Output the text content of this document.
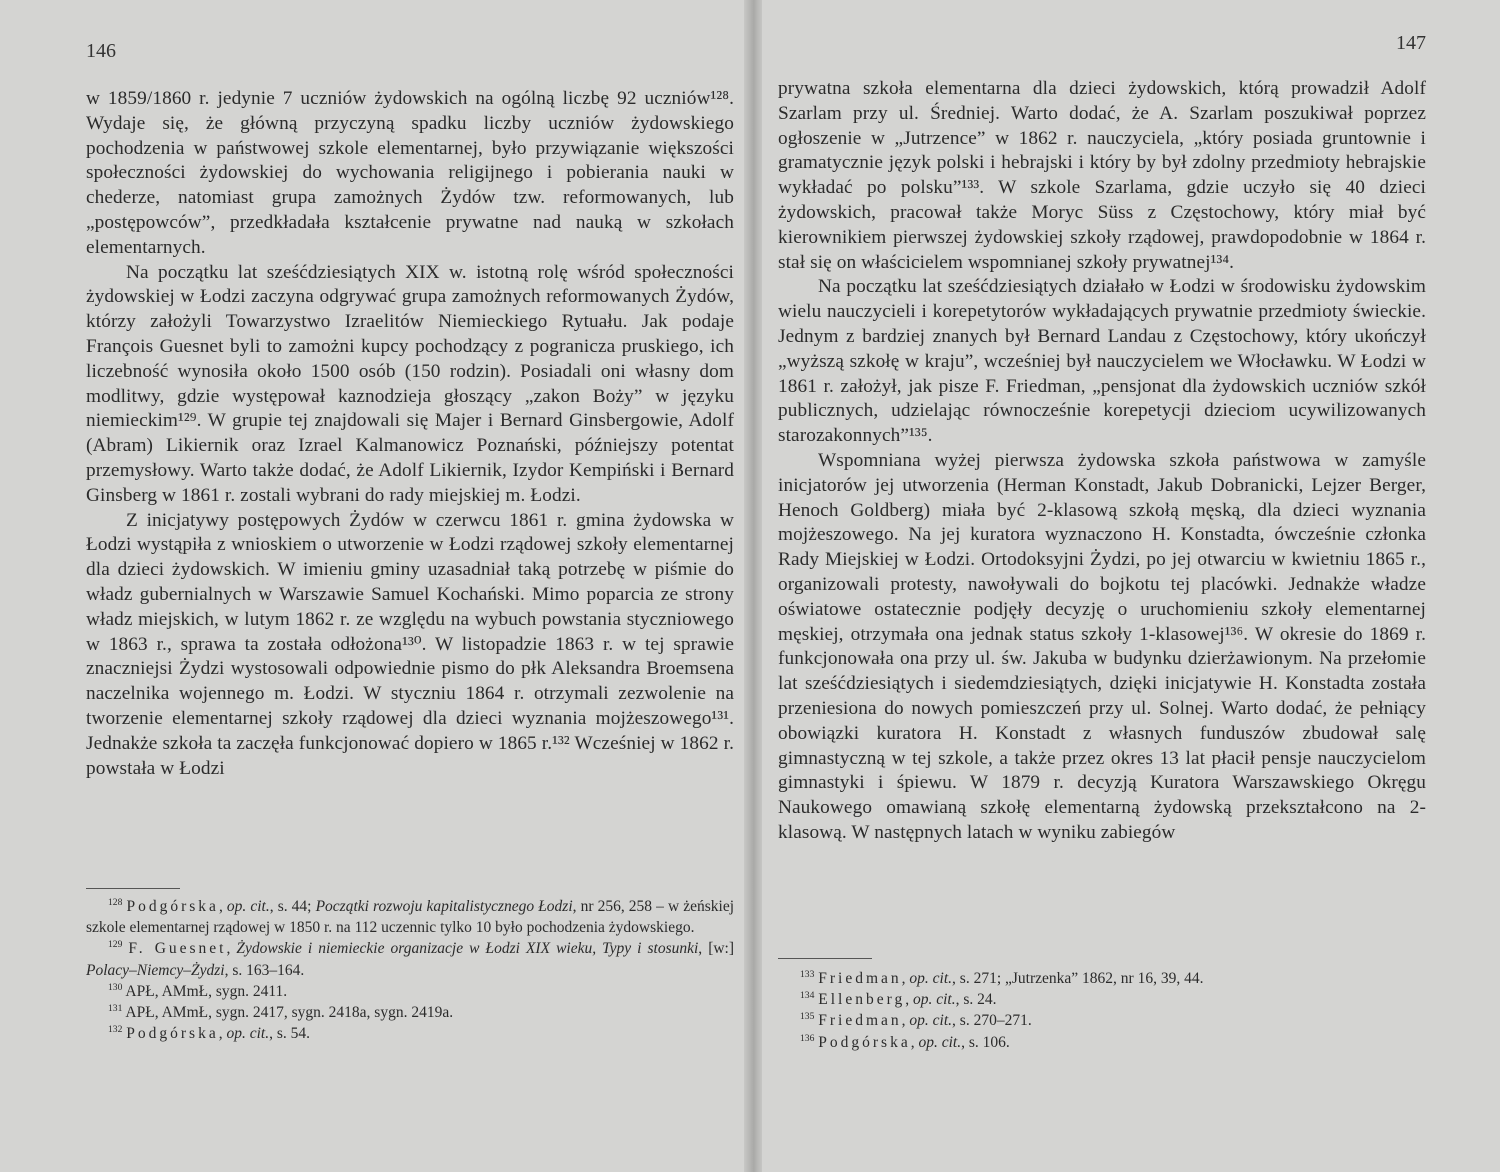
146

w 1859/1860 r. jedynie 7 uczniów żydowskich na ogólną liczbę 92 uczniów¹²⁸. Wydaje się, że główną przyczyną spadku liczby uczniów żydowskiego pochodzenia w państwowej szkole elementarnej, było przywiązanie większości społeczności żydowskiej do wychowania religijnego i pobierania nauki w chederze, natomiast grupa zamożnych Żydów tzw. reformowanych, lub „postępowców”, przedkładała kształcenie prywatne nad nauką w szkołach elementarnych.

Na początku lat sześćdziesiątych XIX w. istotną rolę wśród społeczności żydowskiej w Łodzi zaczyna odgrywać grupa zamożnych reformowanych Żydów, którzy założyli Towarzystwo Izraelitów Niemieckiego Rytuału. Jak podaje François Guesnet byli to zamożni kupcy pochodzący z pogranicza pruskiego, ich liczebność wynosiła około 1500 osób (150 rodzin). Posiadali oni własny dom modlitwy, gdzie występował kaznodzieja głoszący „zakon Boży” w języku niemieckim¹²⁹. W grupie tej znajdowali się Majer i Bernard Ginsbergowie, Adolf (Abram) Likiernik oraz Izrael Kalmanowicz Poznański, późniejszy potentat przemysłowy. Warto także dodać, że Adolf Likiernik, Izydor Kempiński i Bernard Ginsberg w 1861 r. zostali wybrani do rady miejskiej m. Łodzi.

Z inicjatywy postępowych Żydów w czerwcu 1861 r. gmina żydowska w Łodzi wystąpiła z wnioskiem o utworzenie w Łodzi rządowej szkoły elementarnej dla dzieci żydowskich. W imieniu gminy uzasadniał taką potrzebę w piśmie do władz gubernialnych w Warszawie Samuel Kochański. Mimo poparcia ze strony władz miejskich, w lutym 1862 r. ze względu na wybuch powstania styczniowego w 1863 r., sprawa ta została odłożona¹³⁰. W listopadzie 1863 r. w tej sprawie znaczniejsi Żydzi wystosowali odpowiednie pismo do płk Aleksandra Broemsena naczelnika wojennego m. Łodzi. W styczniu 1864 r. otrzymali zezwolenie na tworzenie elementarnej szkoły rządowej dla dzieci wyznania mojżeszowego¹³¹. Jednakże szkoła ta zaczęła funkcjonować dopiero w 1865 r.¹³² Wcześniej w 1862 r. powstała w Łodzi

$^{128}$ Podgórska, op. cit., s. 44; Początki rozwoju kapitalistycznego Łodzi, nr 256, 258 – w żeńskiej szkole elementarnej rządowej w 1850 r. na 112 uczennic tylko 10 było pochodzenia żydowskiego.

$^{129}$ F. Guesnet, Żydowskie i niemieckie organizacje w Łodzi XIX wieku, Typy i stosunki, [w:] Polacy–Niemcy–Żydzi, s. 163–164.

$^{130}$ APŁ, AMmŁ, sygn. 2411.

$^{131}$ APŁ, AMmŁ, sygn. 2417, sygn. 2418a, sygn. 2419a.

$^{132}$ Podgórska, op. cit., s. 54.

147

prywatna szkoła elementarna dla dzieci żydowskich, którą prowadził Adolf Szarlam przy ul. Średniej. Warto dodać, że A. Szarlam poszukiwał poprzez ogłoszenie w „Jutrzence” w 1862 r. nauczyciela, „który posiada gruntownie i gramatycznie język polski i hebrajski i który by był zdolny przedmioty hebrajskie wykładać po polsku”¹³³. W szkole Szarlama, gdzie uczyło się 40 dzieci żydowskich, pracował także Moryc Süss z Częstochowy, który miał być kierownikiem pierwszej żydowskiej szkoły rządowej, prawdopodobnie w 1864 r. stał się on właścicielem wspomnianej szkoły prywatnej¹³⁴.

Na początku lat sześćdziesiątych działało w Łodzi w środowisku żydowskim wielu nauczycieli i korepetytorów wykładających prywatnie przedmioty świeckie. Jednym z bardziej znanych był Bernard Landau z Częstochowy, który ukończył „wyższą szkołę w kraju”, wcześniej był nauczycielem we Włocławku. W Łodzi w 1861 r. założył, jak pisze F. Friedman, „pensjonat dla żydowskich uczniów szkół publicznych, udzielając równocześnie korepetycji dzieciom ucywilizowanych starozakonnych”¹³⁵.

Wspomniana wyżej pierwsza żydowska szkoła państwowa w zamyśle inicjatorów jej utworzenia (Herman Konstadt, Jakub Dobranicki, Lejzer Berger, Henoch Goldberg) miała być 2-klasową szkołą męską, dla dzieci wyznania mojżeszowego. Na jej kuratora wyznaczono H. Konstadta, ówcześnie członka Rady Miejskiej w Łodzi. Ortodoksyjni Żydzi, po jej otwarciu w kwietniu 1865 r., organizowali protesty, nawoływali do bojkotu tej placówki. Jednakże władze oświatowe ostatecznie podjęły decyzję o uruchomieniu szkoły elementarnej męskiej, otrzymała ona jednak status szkoły 1-klasowej¹³⁶. W okresie do 1869 r. funkcjonowała ona przy ul. św. Jakuba w budynku dzierżawionym. Na przełomie lat sześćdziesiątych i siedemdziesiątych, dzięki inicjatywie H. Konstadta została przeniesiona do nowych pomieszczeń przy ul. Solnej. Warto dodać, że pełniący obowiązki kuratora H. Konstadt z własnych funduszów zbudował salę gimnastyczną w tej szkole, a także przez okres 13 lat płacił pensje nauczycielom gimnastyki i śpiewu. W 1879 r. decyzją Kuratora Warszawskiego Okręgu Naukowego omawianą szkołę elementarną żydowską przekształcono na 2-klasową. W następnych latach w wyniku zabiegów

$^{133}$ Friedman, op. cit., s. 271; „Jutrzenka” 1862, nr 16, 39, 44.

$^{134}$ Ellenberg, op. cit., s. 24.

$^{135}$ Friedman, op. cit., s. 270–271.

$^{136}$ Podgórska, op. cit., s. 106.
